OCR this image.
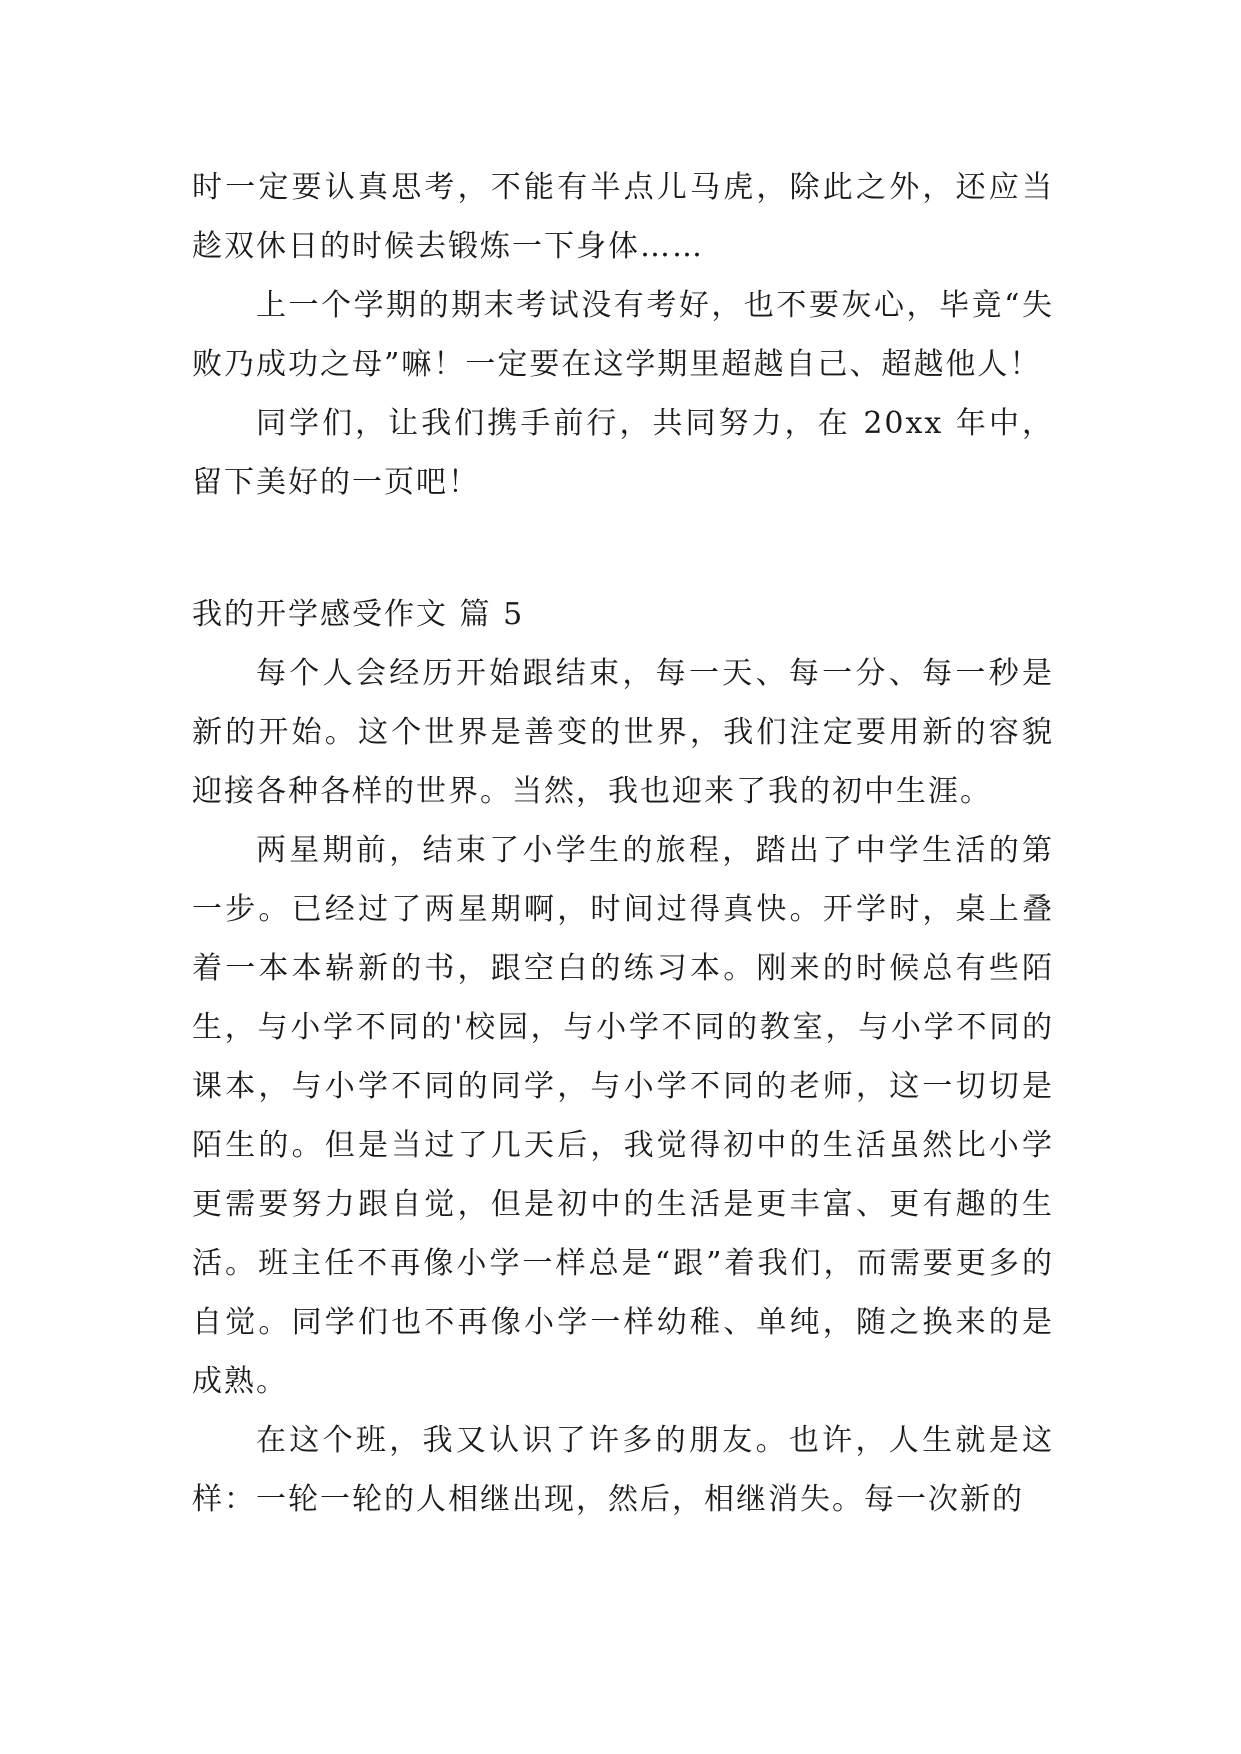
时一定要认真思考，不能有半点儿马虎，除此之外，还应当趁双休日的时候去锻炼一下身体……

上一个学期的期末考试没有考好，也不要灰心，毕竟“失败乃成功之母”嘛！一定要在这学期里超越自己、超越他人！

同学们，让我们携手前行，共同努力，在 20xx 年中，留下美好的一页吧！

我的开学感受作文 篇 5

每个人会经历开始跟结束，每一天、每一分、每一秒是新的开始。这个世界是善变的世界，我们注定要用新的容貌迎接各种各样的世界。当然，我也迎来了我的初中生涯。

两星期前，结束了小学生的旅程，踏出了中学生活的第一步。已经过了两星期啊，时间过得真快。开学时，桌上叠着一本本崭新的书，跟空白的练习本。刚来的时候总有些陌生，与小学不同的'校园，与小学不同的教室，与小学不同的课本，与小学不同的同学，与小学不同的老师，这一切切是陌生的。但是当过了几天后，我觉得初中的生活虽然比小学更需要努力跟自觉，但是初中的生活是更丰富、更有趣的生活。班主任不再像小学一样总是“跟”着我们，而需要更多的自觉。同学们也不再像小学一样幼稚、单纯，随之换来的是成熟。

在这个班，我又认识了许多的朋友。也许，人生就是这样：一轮一轮的人相继出现，然后，相继消失。每一次新的
